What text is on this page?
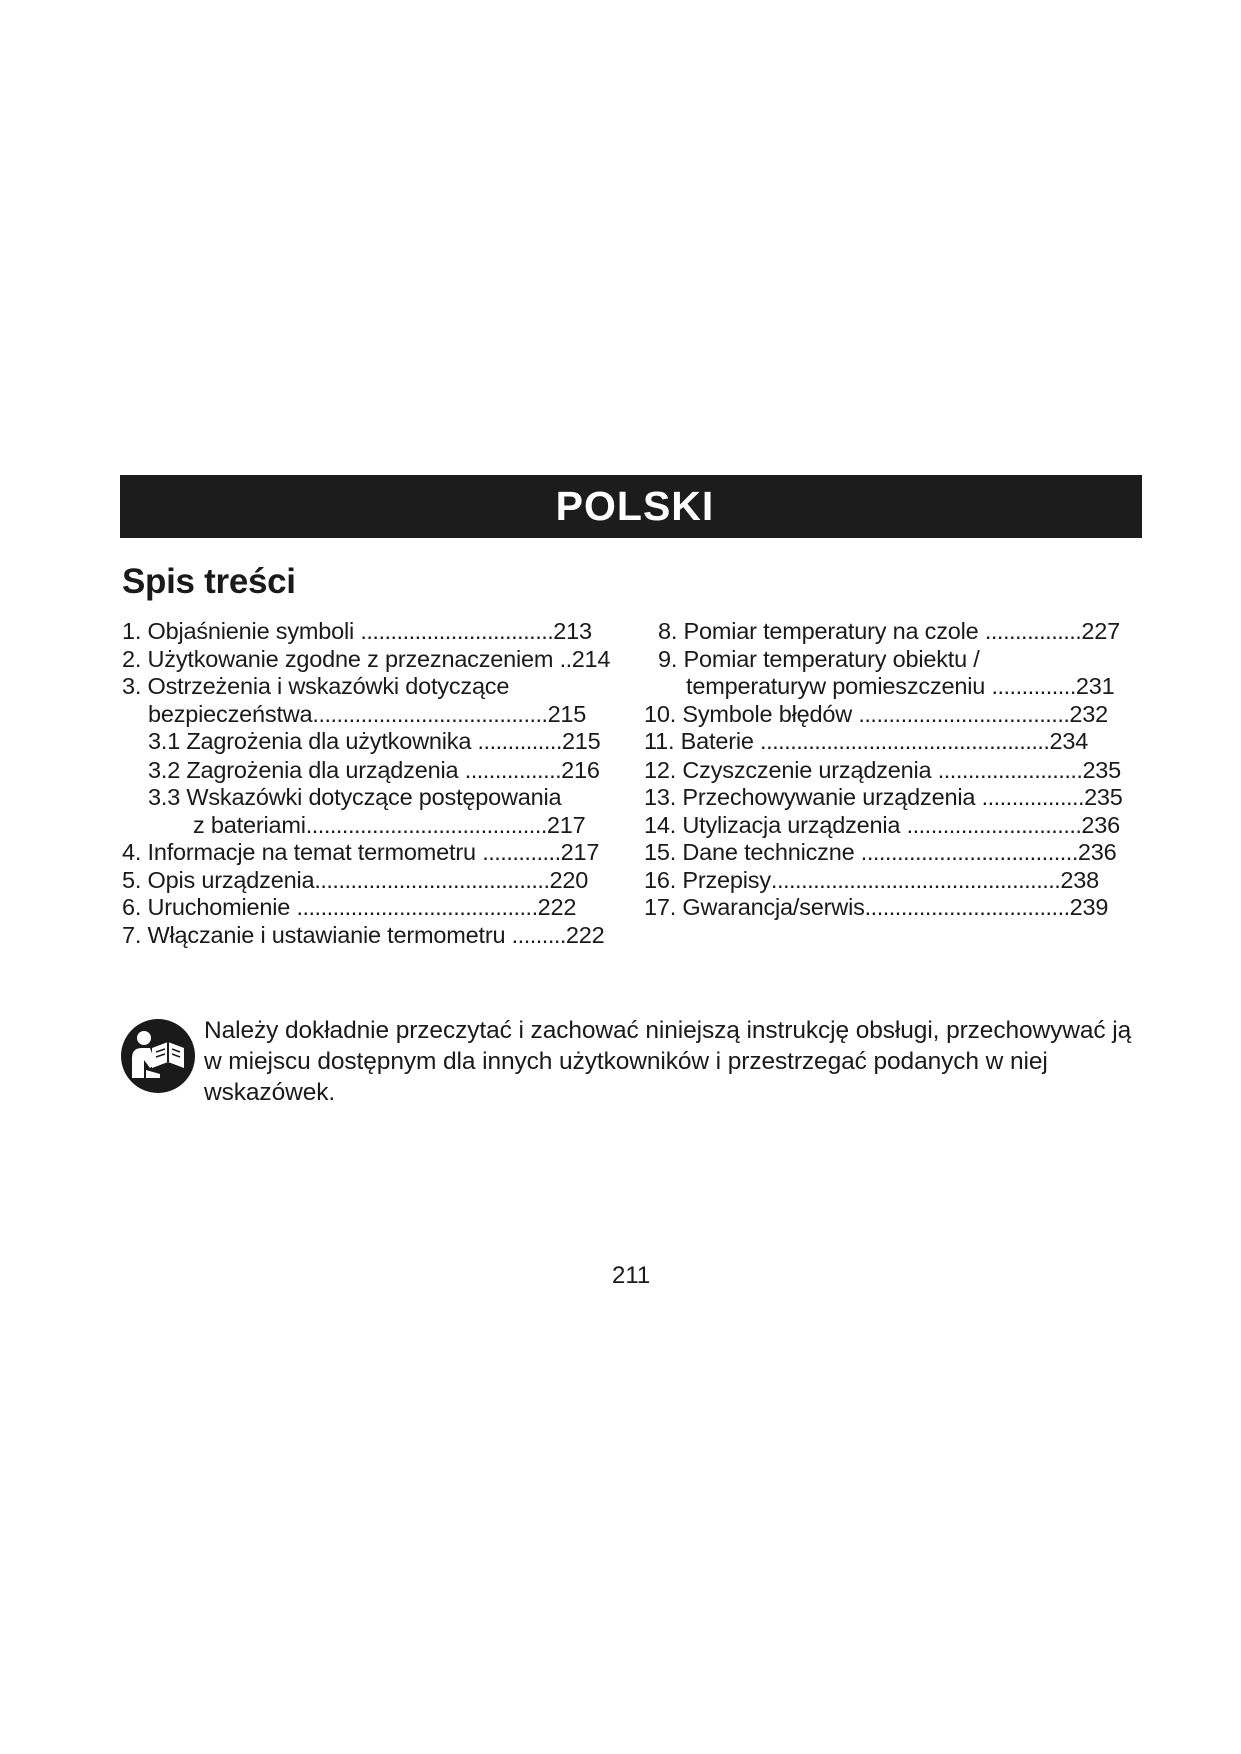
POLSKI
Spis treści
1. Objaśnienie symboli ................................213
2. Użytkowanie zgodne z przeznaczeniem ..214
3. Ostrzeżenia i wskazówki dotyczące
bezpieczeństwa.......................................215
3.1 Zagrożenia dla użytkownika ..............215
3.2 Zagrożenia dla urządzenia ................216
3.3 Wskazówki dotyczące postępowania
z bateriami........................................217
4. Informacje na temat termometru .............217
5. Opis urządzenia.......................................220
6. Uruchomienie ........................................222
7. Włączanie i ustawianie termometru .........222
8. Pomiar temperatury na czole ................227
9. Pomiar temperatury obiektu /
temperaturyw pomieszczeniu ..............231
10. Symbole błędów ...................................232
11. Baterie ................................................234
12. Czyszczenie urządzenia ........................235
13. Przechowywanie urządzenia .................235
14. Utylizacja urządzenia .............................236
15. Dane techniczne ....................................236
16. Przepisy................................................238
17. Gwarancja/serwis..................................239
Należy dokładnie przeczytać i zachować niniejszą instrukcję obsługi, przechowywać ją w miejscu dostępnym dla innych użytkowników i przestrzegać podanych w niej wskazówek.
211
